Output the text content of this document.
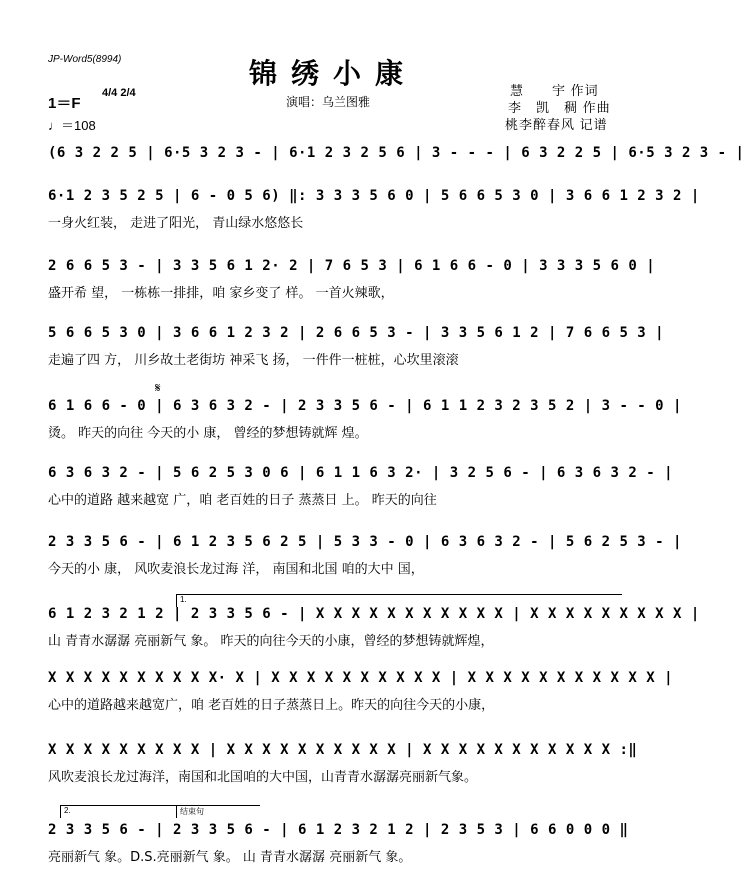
JP-Word5(8994)	锦绣小康
演唱：乌兰图雅
慧　　宇 作词
李　凯　稠 作曲
桃李醉春风 记谱
1＝F
4/4 2/4
♩＝108
𝄋
1.
2.	结束句
(6 3 2 2 5 | 6·5 3 2 3 - | 6·1 2 3 2 5 6 | 3 - - - | 6 3 2 2 5 | 6·5 3 2 3 - |
6·1 2 3 5 2 5 | 6 - 0 5 6) ‖: 3 3 3 5 6 0 | 5 6 6 5 3 0 | 3 6 6 1 2 3 2 |
一身火红装， 走进了阳光， 青山绿水悠悠长
2 6 6 5 3 - | 3 3 5 6 1 2· 2 | 7 6 5 3 | 6 1 6 6 - 0 | 3 3 3 5 6 0 |
盛开希 望， 一栋栋一排排，咱 家乡变了 样。 一首火辣歌，
5 6 6 5 3 0 | 3 6 6 1 2 3 2 | 2 6 6 5 3 - | 3 3 5 6 1 2 | 7 6 6 5 3 |
走遍了四 方， 川乡故土老街坊 神采飞 扬， 一件件一桩桩，心坎里滚滚
6 1 6 6 - 0 | 6 3 6 3 2 - | 2 3 3 5 6 - | 6 1 1 2 3 2 3 5 2 | 3 - - 0 |
烫。 昨天的向往 今天的小 康， 曾经的梦想铸就辉 煌。
6 3 6 3 2 - | 5 6 2 5 3 0 6 | 6 1 1 6 3 2· | 3 2 5 6 - | 6 3 6 3 2 - |
心中的道路 越来越宽 广，咱 老百姓的日子 蒸蒸日 上。 昨天的向往
2 3 3 5 6 - | 6 1 2 3 5 6 2 5 | 5 3 3 - 0 | 6 3 6 3 2 - | 5 6 2 5 3 - |
今天的小 康， 风吹麦浪长龙过海 洋， 南国和北国 咱的大中 国，
6 1 2 3 2 1 2 | 2 3 3 5 6 - | X X X X X X X X X X X | X X X X X X X X X |
山 青青水潺潺 亮丽新气 象。 昨天的向往今天的小康，曾经的梦想铸就辉煌，
X X X X X X X X X X· X | X X X X X X X X X X | X X X X X X X X X X X |
心中的道路越来越宽广，咱 老百姓的日子蒸蒸日上。昨天的向往今天的小康，
X X X X X X X X X | X X X X X X X X X X | X X X X X X X X X X X :‖
风吹麦浪长龙过海洋，南国和北国咱的大中国，山青青水潺潺亮丽新气象。
2 3 3 5 6 - | 2 3 3 5 6 - | 6 1 2 3 2 1 2 | 2 3 5 3 | 6 6 0 0 0 ‖
亮丽新气 象。D.S.亮丽新气 象。 山 青青水潺潺 亮丽新气 象。
